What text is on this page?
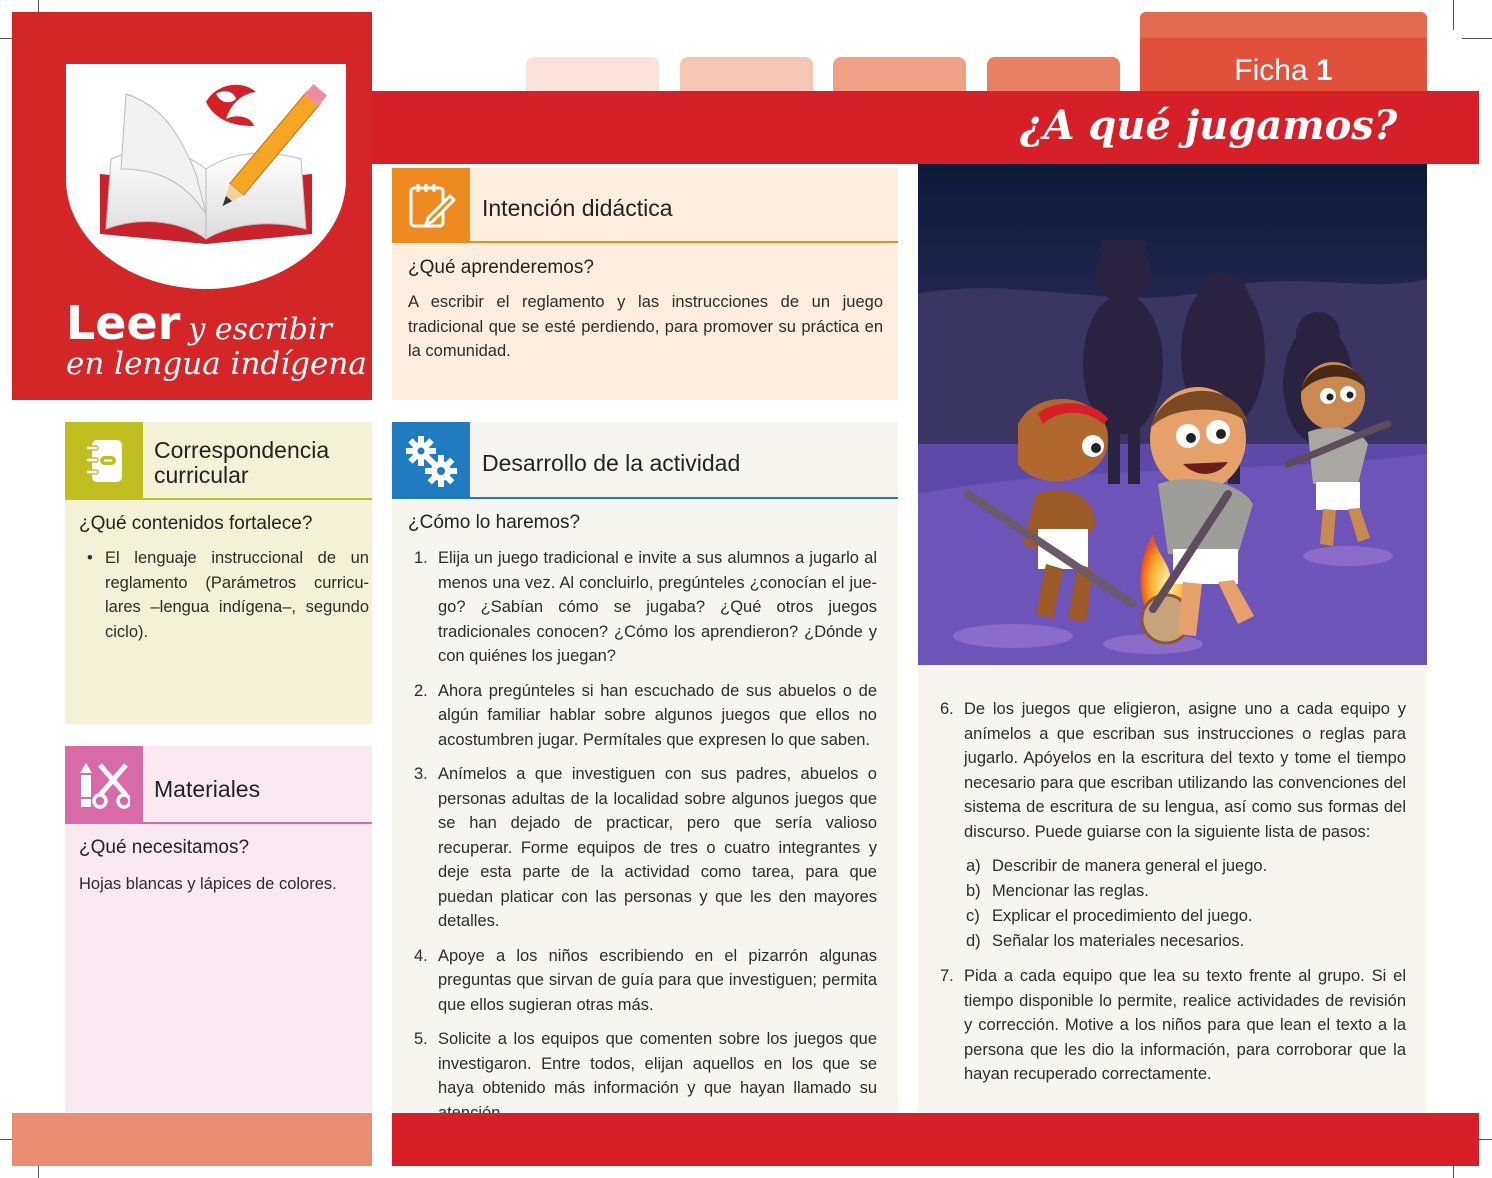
Leer y escribir
en lengua indígena
Ficha 1
¿A qué jugamos?
Intención didáctica
¿Qué aprenderemos?
A escribir el reglamento y las instrucciones de un juego tradicional que se esté perdiendo, para promover su práctica en la comunidad.
Correspondencia
curricular
¿Qué contenidos fortalece?
• El lenguaje instruccional de un reglamento (Parámetros curriculares –lengua indígena–, segundo ciclo).
Materiales
¿Qué necesitamos?
Hojas blancas y lápices de colores.
Desarrollo de la actividad
¿Cómo lo haremos?
1. Elija un juego tradicional e invite a sus alumnos a jugarlo al menos una vez. Al concluirlo, pregúnteles ¿conocían el juego? ¿Sabían cómo se jugaba? ¿Qué otros juegos tradicionales conocen? ¿Cómo los aprendieron? ¿Dónde y con quiénes los juegan?
2. Ahora pregúnteles si han escuchado de sus abuelos o de algún familiar hablar sobre algunos juegos que ellos no acostumbren jugar. Permítales que expresen lo que saben.
3. Anímelos a que investiguen con sus padres, abuelos o personas adultas de la localidad sobre algunos juegos que se han dejado de practicar, pero que sería valioso recuperar. Forme equipos de tres o cuatro integrantes y deje esta parte de la actividad como tarea, para que puedan platicar con las personas y que les den mayores detalles.
4. Apoye a los niños escribiendo en el pizarrón algunas preguntas que sirvan de guía para que investiguen; permita que ellos sugieran otras más.
5. Solicite a los equipos que comenten sobre los juegos que investigaron. Entre todos, elijan aquellos en los que se haya obtenido más información y que hayan llamado su
6. De los juegos que eligieron, asigne uno a cada equipo y anímelos a que escriban sus instrucciones o reglas para jugarlo. Apóyelos en la escritura del texto y tome el tiempo necesario para que escriban utilizando las convenciones del sistema de escritura de su lengua, así como sus formas del discurso. Puede guiarse con la siguiente lista de pasos:
a) Describir de manera general el juego.
b) Mencionar las reglas.
c) Explicar el procedimiento del juego.
d) Señalar los materiales necesarios.
7. Pida a cada equipo que lea su texto frente al grupo. Si el tiempo disponible lo permite, realice actividades de revisión y corrección. Motive a los niños para que lean el texto a la persona que les dio la información, para corroborar que la hayan recuperado correctamente.
